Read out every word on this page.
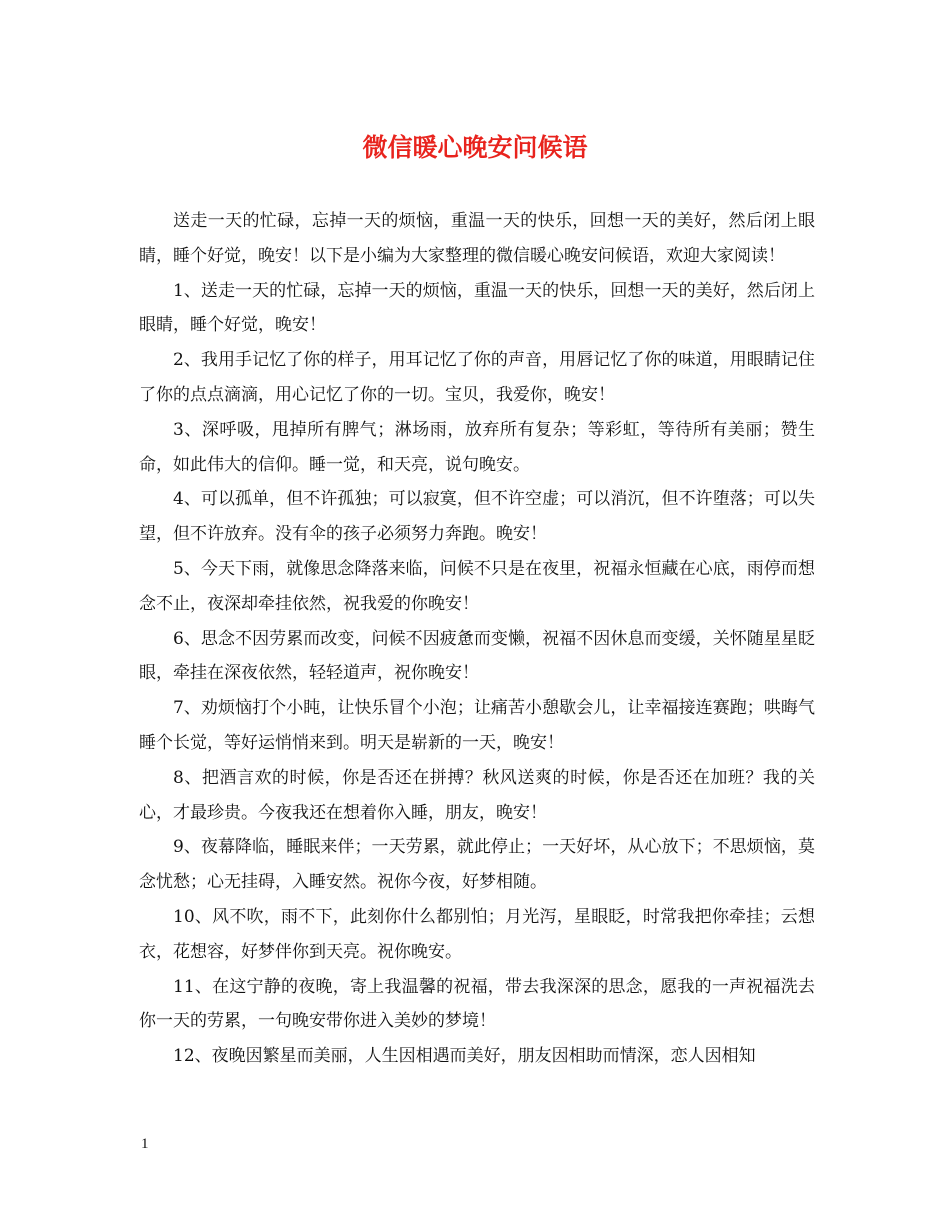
微信暖心晚安问候语

送走一天的忙碌，忘掉一天的烦恼，重温一天的快乐，回想一天的美好，然后闭上眼睛，睡个好觉，晚安！以下是小编为大家整理的微信暖心晚安问候语，欢迎大家阅读！

1、送走一天的忙碌，忘掉一天的烦恼，重温一天的快乐，回想一天的美好，然后闭上眼睛，睡个好觉，晚安！

2、我用手记忆了你的样子，用耳记忆了你的声音，用唇记忆了你的味道，用眼睛记住了你的点点滴滴，用心记忆了你的一切。宝贝，我爱你，晚安！

3、深呼吸，甩掉所有脾气；淋场雨，放弃所有复杂；等彩虹，等待所有美丽；赞生命，如此伟大的信仰。睡一觉，和天亮，说句晚安。

4、可以孤单，但不许孤独；可以寂寞，但不许空虚；可以消沉，但不许堕落；可以失望，但不许放弃。没有伞的孩子必须努力奔跑。晚安！

5、今天下雨，就像思念降落来临，问候不只是在夜里，祝福永恒藏在心底，雨停而想念不止，夜深却牵挂依然，祝我爱的你晚安！

6、思念不因劳累而改变，问候不因疲惫而变懒，祝福不因休息而变缓，关怀随星星眨眼，牵挂在深夜依然，轻轻道声，祝你晚安！

7、劝烦恼打个小盹，让快乐冒个小泡；让痛苦小憩歇会儿，让幸福接连赛跑；哄晦气睡个长觉，等好运悄悄来到。明天是崭新的一天，晚安！

8、把酒言欢的时候，你是否还在拼搏？秋风送爽的时候，你是否还在加班？我的关心，才最珍贵。今夜我还在想着你入睡，朋友，晚安！

9、夜幕降临，睡眠来伴；一天劳累，就此停止；一天好坏，从心放下；不思烦恼，莫念忧愁；心无挂碍，入睡安然。祝你今夜，好梦相随。

10、风不吹，雨不下，此刻你什么都别怕；月光泻，星眼眨，时常我把你牵挂；云想衣，花想容，好梦伴你到天亮。祝你晚安。

11、在这宁静的夜晚，寄上我温馨的祝福，带去我深深的思念，愿我的一声祝福洗去你一天的劳累，一句晚安带你进入美妙的梦境！

12、夜晚因繁星而美丽，人生因相遇而美好，朋友因相助而情深，恋人因相知

1
